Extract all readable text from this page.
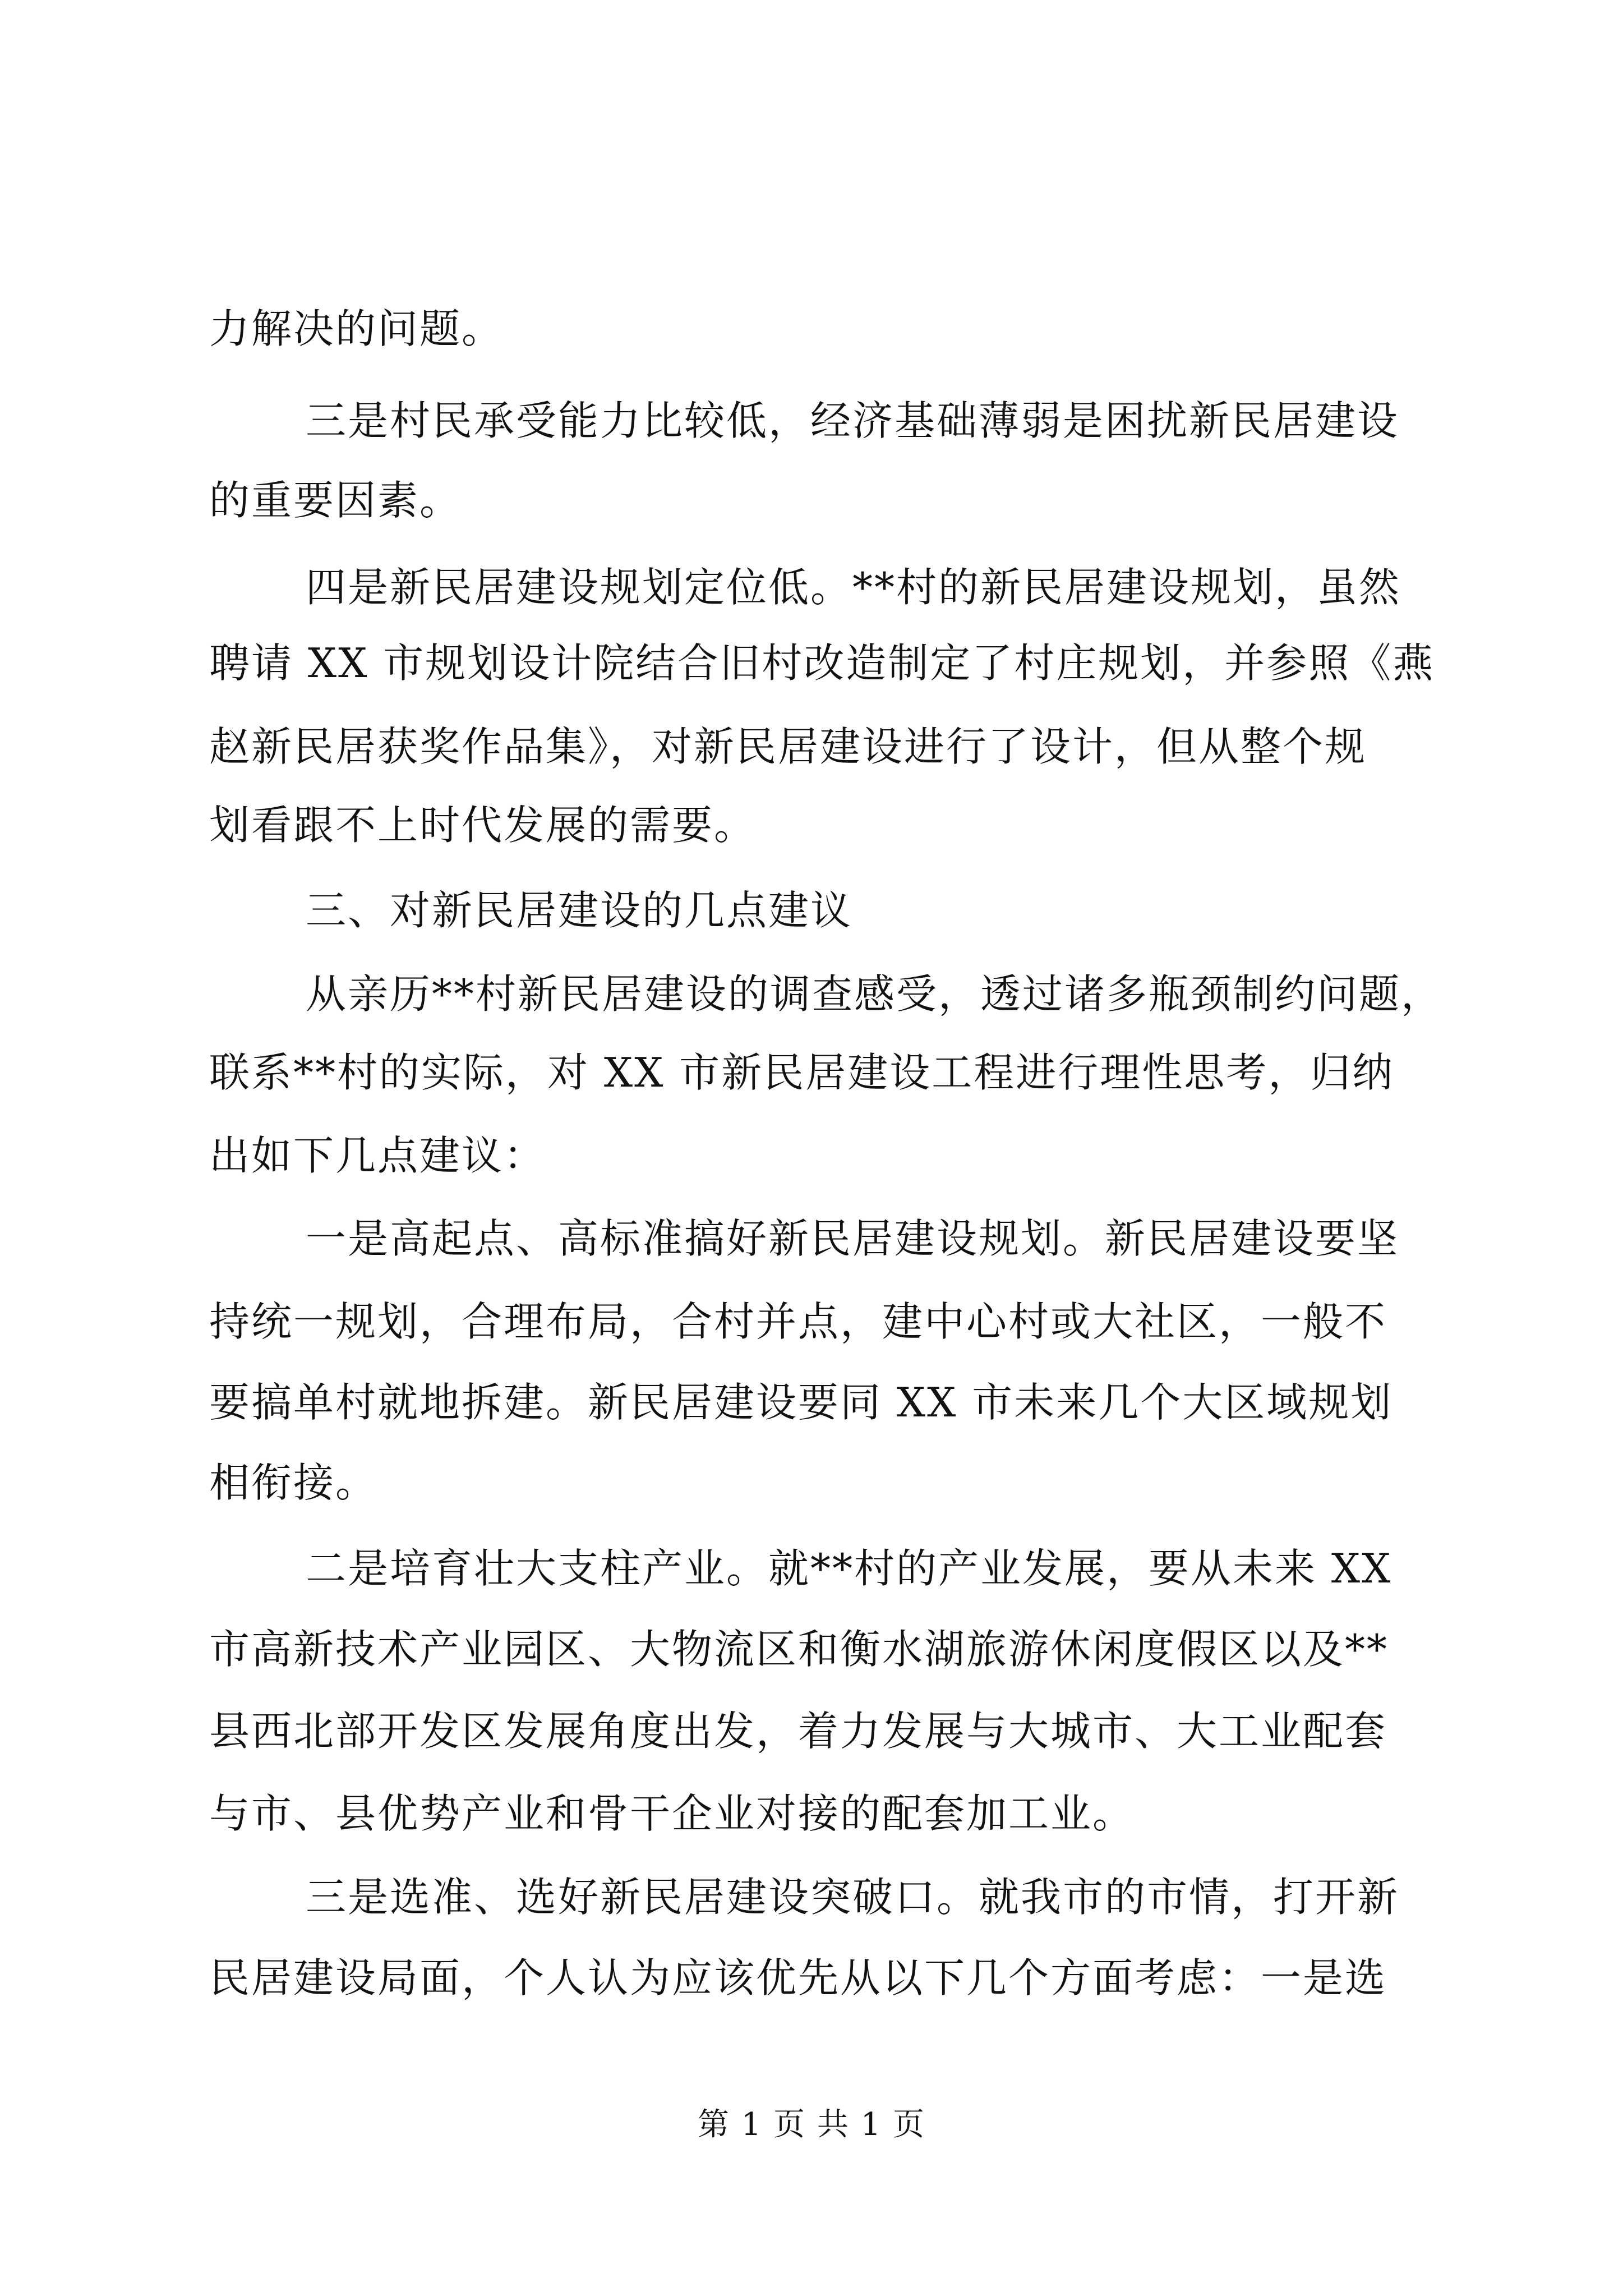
力解决的问题。
三是村民承受能力比较低，经济基础薄弱是困扰新民居建设
的重要因素。
四是新民居建设规划定位低。**村的新民居建设规划，虽然
聘请 XX 市规划设计院结合旧村改造制定了村庄规划，并参照《燕
赵新民居获奖作品集》，对新民居建设进行了设计，但从整个规
划看跟不上时代发展的需要。
三、对新民居建设的几点建议
从亲历**村新民居建设的调查感受，透过诸多瓶颈制约问题，
联系**村的实际，对 XX 市新民居建设工程进行理性思考，归纳
出如下几点建议：
一是高起点、高标准搞好新民居建设规划。新民居建设要坚
持统一规划，合理布局，合村并点，建中心村或大社区，一般不
要搞单村就地拆建。新民居建设要同 XX 市未来几个大区域规划
相衔接。
二是培育壮大支柱产业。就**村的产业发展，要从未来 XX
市高新技术产业园区、大物流区和衡水湖旅游休闲度假区以及**
县西北部开发区发展角度出发，着力发展与大城市、大工业配套
与市、县优势产业和骨干企业对接的配套加工业。
三是选准、选好新民居建设突破口。就我市的市情，打开新
民居建设局面，个人认为应该优先从以下几个方面考虑：一是选
第 1 页 共 1 页
